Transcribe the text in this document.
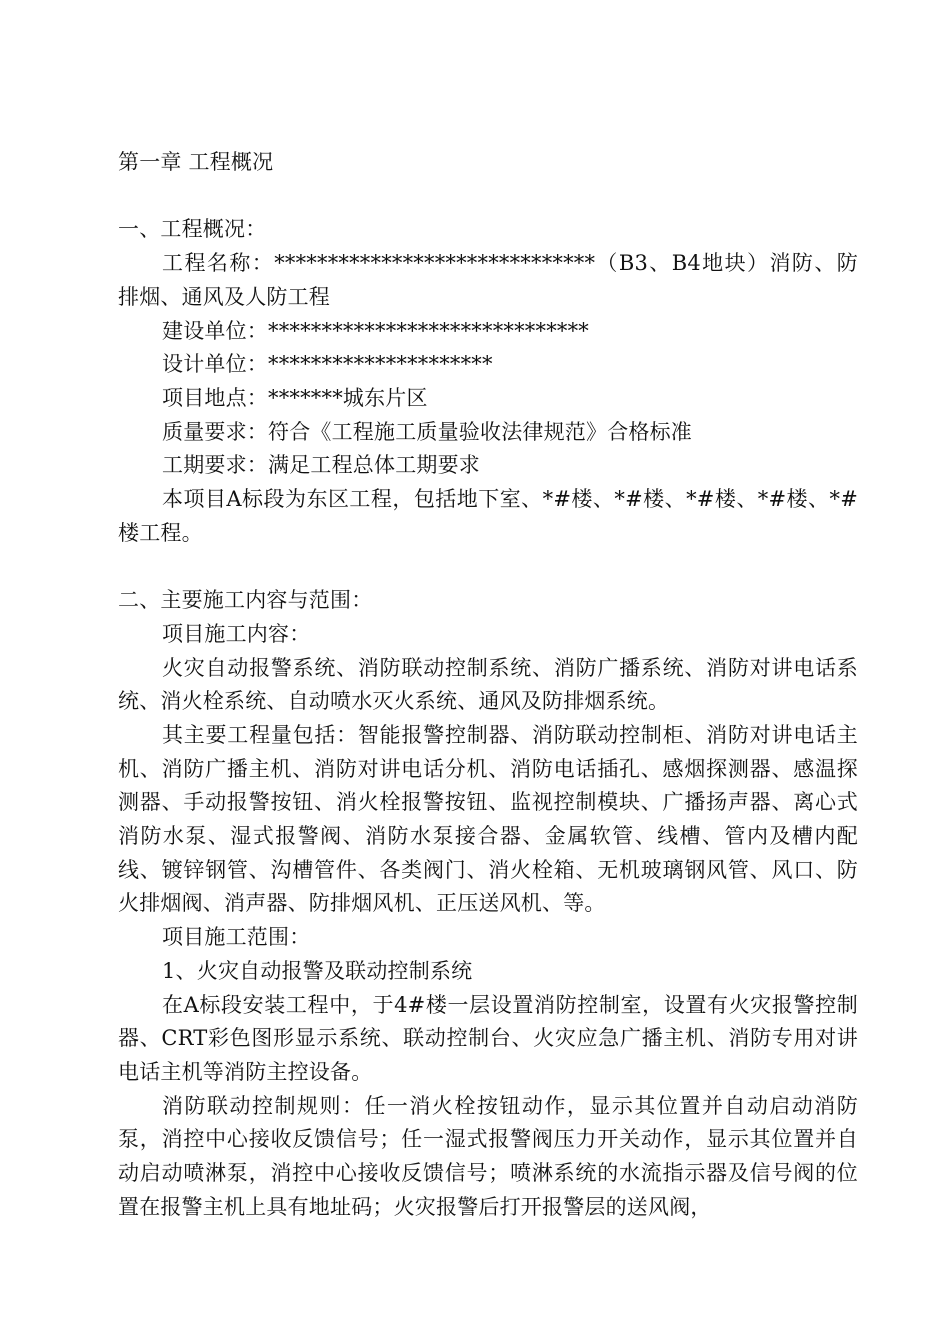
第一章 工程概况
一、工程概况：
工程名称：******************************（B3、B4地块）消防、防排烟、通风及人防工程
建设单位：******************************
设计单位：*********************
项目地点：*******城东片区
质量要求：符合《工程施工质量验收法律规范》合格标准
工期要求：满足工程总体工期要求
本项目A标段为东区工程，包括地下室、*#楼、*#楼、*#楼、*#楼、*#楼工程。
二、主要施工内容与范围：
项目施工内容：
火灾自动报警系统、消防联动控制系统、消防广播系统、消防对讲电话系统、消火栓系统、自动喷水灭火系统、通风及防排烟系统。
其主要工程量包括：智能报警控制器、消防联动控制柜、消防对讲电话主机、消防广播主机、消防对讲电话分机、消防电话插孔、感烟探测器、感温探测器、手动报警按钮、消火栓报警按钮、监视控制模块、广播扬声器、离心式消防水泵、湿式报警阀、消防水泵接合器、金属软管、线槽、管内及槽内配线、镀锌钢管、沟槽管件、各类阀门、消火栓箱、无机玻璃钢风管、风口、防火排烟阀、消声器、防排烟风机、正压送风机、等。
项目施工范围：
1、火灾自动报警及联动控制系统
在A标段安装工程中，于4#楼一层设置消防控制室，设置有火灾报警控制器、CRT彩色图形显示系统、联动控制台、火灾应急广播主机、消防专用对讲电话主机等消防主控设备。
消防联动控制规则：任一消火栓按钮动作，显示其位置并自动启动消防泵，消控中心接收反馈信号；任一湿式报警阀压力开关动作，显示其位置并自动启动喷淋泵，消控中心接收反馈信号；喷淋系统的水流指示器及信号阀的位置在报警主机上具有地址码；火灾报警后打开报警层的送风阀，
